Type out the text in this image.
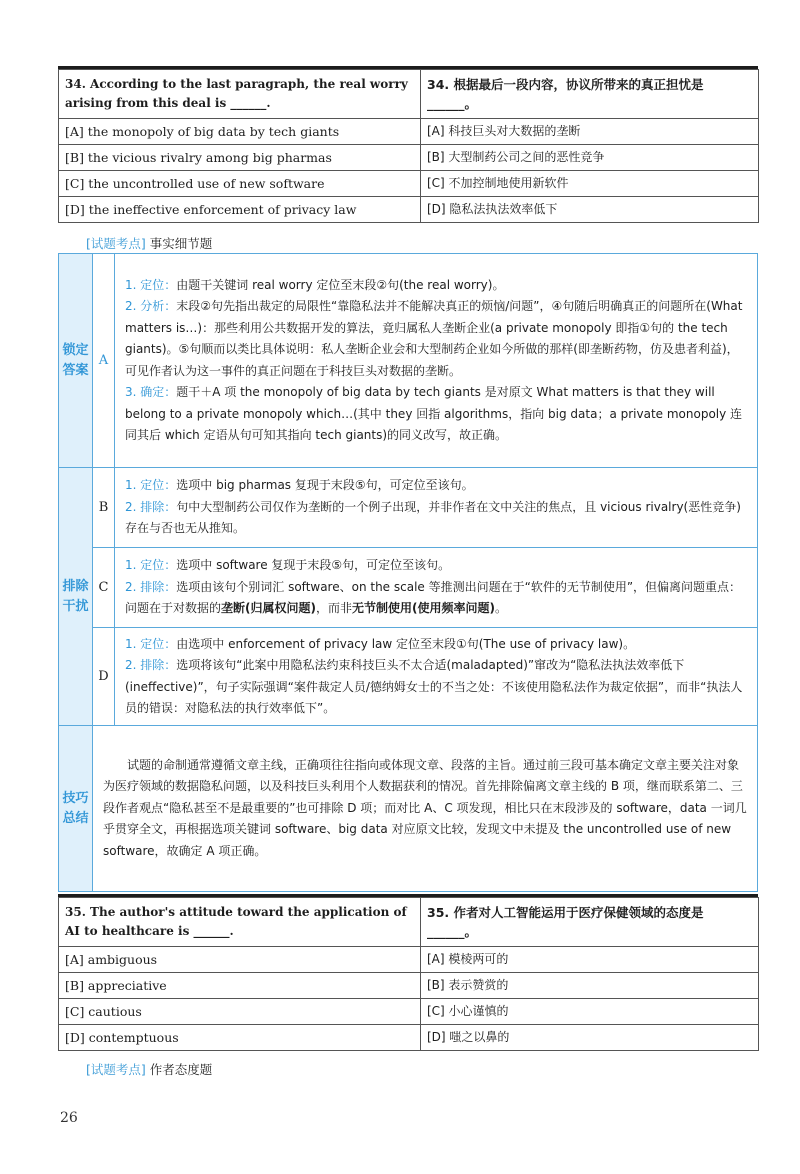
34. According to the last paragraph, the real worry arising from this deal is ______.	34. 根据最后一段内容，协议所带来的真正担忧是______。
[A] the monopoly of big data by tech giants	[A] 科技巨头对大数据的垄断
[B] the vicious rivalry among big pharmas	[B] 大型制药公司之间的恶性竞争
[C] the uncontrolled use of new software	[C] 不加控制地使用新软件
[D] the ineffective enforcement of privacy law	[D] 隐私法执法效率低下
[试题考点] 事实细节题
锁定答案	A	1. 定位：由题干关键词 real worry 定位至末段②句(the real worry)。

2. 分析：末段②句先指出裁定的局限性“靠隐私法并不能解决真正的烦恼/问题”，④句随后明确真正的问题所在(What matters is…)：那些利用公共数据开发的算法，竟归属私人垄断企业(a private monopoly 即指①句的 the tech giants)。⑤句顺而以类比具体说明：私人垄断企业会和大型制药企业如今所做的那样(即垄断药物，仿及患者利益)，可见作者认为这一事件的真正问题在于科技巨头对数据的垄断。

3. 确定：题干＋A 项 the monopoly of big data by tech giants 是对原文 What matters is that they will belong to a private monopoly which…(其中 they 回指 algorithms，指向 big data；a private monopoly 连同其后 which 定语从句可知其指向 tech giants)的同义改写，故正确。

排除干扰	B	1. 定位：选项中 big pharmas 复现于末段⑤句，可定位至该句。

2. 排除：句中大型制药公司仅作为垄断的一个例子出现，并非作者在文中关注的焦点，且 vicious rivalry(恶性竞争)存在与否也无从推知。

	C	1. 定位：选项中 software 复现于末段⑤句，可定位至该句。

2. 排除：选项由该句个别词汇 software、on the scale 等推测出问题在于“软件的无节制使用”，但偏离问题重点：问题在于对数据的垄断(归属权问题)，而非无节制使用(使用频率问题)。

	D	1. 定位：由选项中 enforcement of privacy law 定位至末段①句(The use of privacy law)。

2. 排除：选项将该句“此案中用隐私法约束科技巨头不太合适(maladapted)”窜改为“隐私法执法效率低下(ineffective)”，句子实际强调“案件裁定人员/德纳姆女士的不当之处：不该使用隐私法作为裁定依据”，而非“执法人员的错误：对隐私法的执行效率低下”。

技巧总结	试题的命制通常遵循文章主线，正确项往往指向或体现文章、段落的主旨。通过前三段可基本确定文章主要关注对象为医疗领域的数据隐私问题，以及科技巨头利用个人数据获利的情况。首先排除偏离文章主线的 B 项，继而联系第二、三段作者观点“隐私甚至不是最重要的”也可排除 D 项；而对比 A、C 项发现，相比只在末段涉及的 software，data 一词几乎贯穿全文，再根据选项关键词 software、big data 对应原文比较，发现文中未提及 the uncontrolled use of new software，故确定 A 项正确。	
35. The author's attitude toward the application of AI to healthcare is ______.	35. 作者对人工智能运用于医疗保健领域的态度是______。
[A] ambiguous	[A] 模棱两可的
[B] appreciative	[B] 表示赞赏的
[C] cautious	[C] 小心谨慎的
[D] contemptuous	[D] 嗤之以鼻的
[试题考点] 作者态度题
26
